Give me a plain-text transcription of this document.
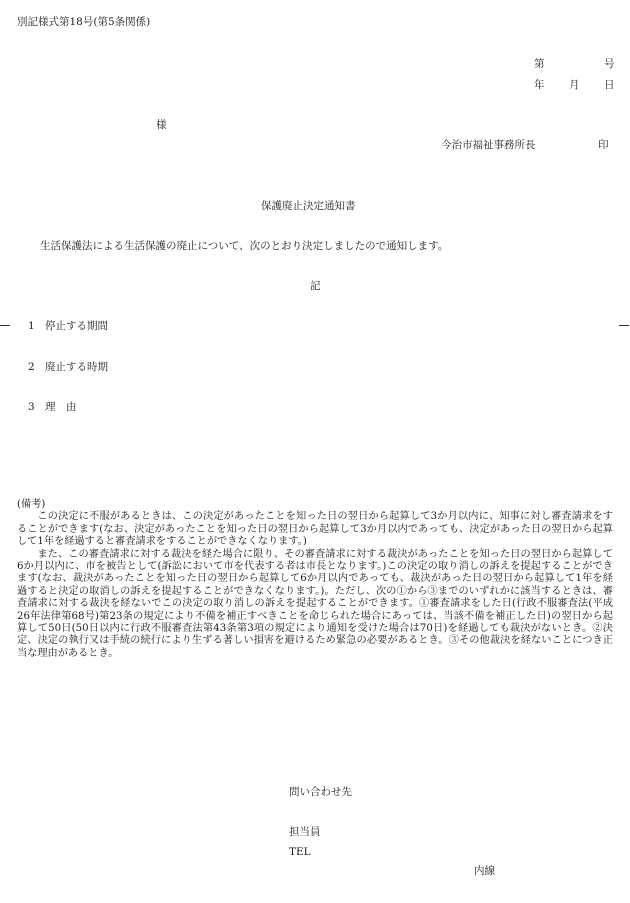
別記様式第18号(第5条関係)
第	号
年 月 日
様
今治市福祉事務所長	印
保護廃止決定通知書
生活保護法による生活保護の廃止について、次のとおり決定しましたので通知します。
記
1 停止する期間
2 廃止する時期
3 理　由

(備考)

この決定に不服があるときは、この決定があったことを知った日の翌日から起算して3か月以内に、知事に対し審査請求をすることができます(なお、決定があったことを知った日の翌日から起算して3か月以内であっても、決定があった日の翌日から起算して1年を経過すると審査請求をすることができなくなります。)

また、この審査請求に対する裁決を経た場合に限り、その審査請求に対する裁決があったことを知った日の翌日から起算して6か月以内に、市を被告として(訴訟において市を代表する者は市長となります。)この決定の取り消しの訴えを提起することができます(なお、裁決があったことを知った日の翌日から起算して6か月以内であっても、裁決があった日の翌日から起算して1年を経過すると決定の取消しの訴えを提起することができなくなります。)。ただし、次の①から③までのいずれかに該当するときは、審査請求に対する裁決を経ないでこの決定の取り消しの訴えを提起することができます。①審査請求をした日(行政不服審査法(平成26年法律第68号)第23条の規定により不備を補正すべきことを命じられた場合にあっては、当該不備を補正した日)の翌日から起算して50日(50日以内に行政不服審査法第43条第3項の規定により通知を受けた場合は70日)を経過しても裁決がないとき。②決定、決定の執行又は手続の続行により生ずる著しい損害を避けるため緊急の必要があるとき。③その他裁決を経ないことにつき正当な理由があるとき。

問い合わせ先
担当員
TEL
内線
